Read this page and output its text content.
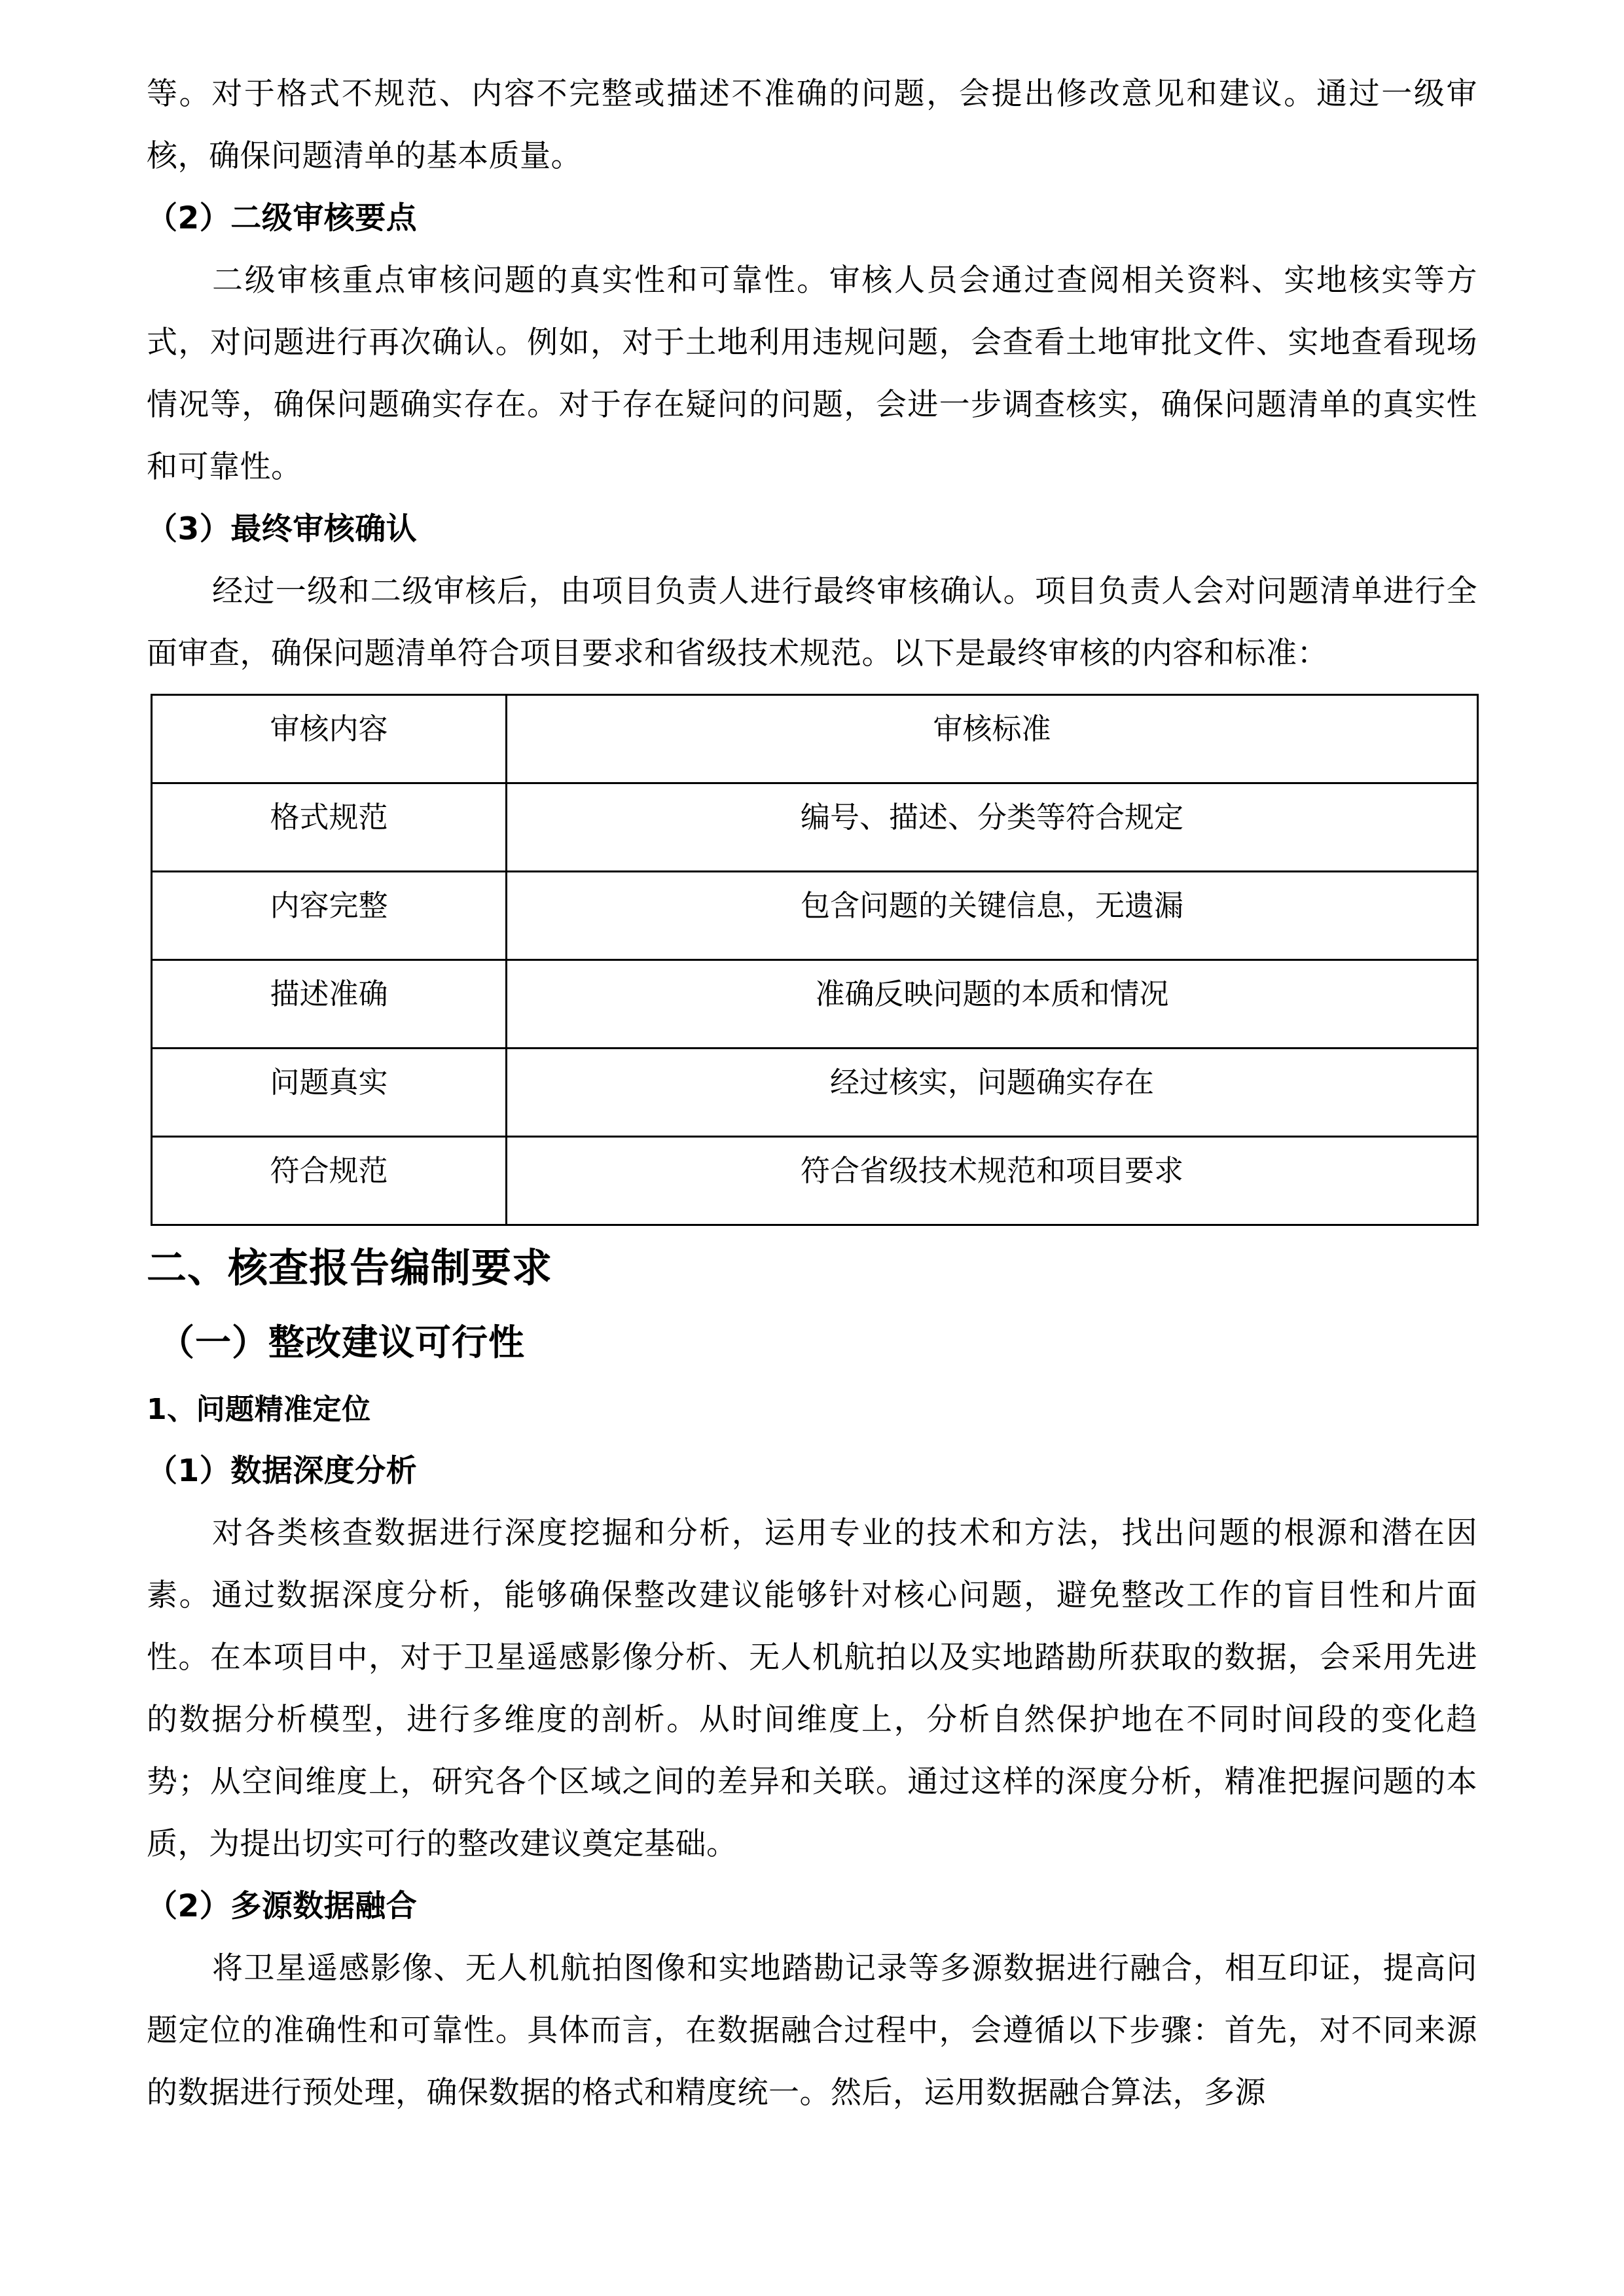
等。对于格式不规范、内容不完整或描述不准确的问题，会提出修改意见和建议。通过一级审核，确保问题清单的基本质量。

（2）二级审核要点

二级审核重点审核问题的真实性和可靠性。审核人员会通过查阅相关资料、实地核实等方式，对问题进行再次确认。例如，对于土地利用违规问题，会查看土地审批文件、实地查看现场情况等，确保问题确实存在。对于存在疑问的问题，会进一步调查核实，确保问题清单的真实性和可靠性。

（3）最终审核确认

经过一级和二级审核后，由项目负责人进行最终审核确认。项目负责人会对问题清单进行全面审查，确保问题清单符合项目要求和省级技术规范。以下是最终审核的内容和标准：

审核内容	审核标准
格式规范	编号、描述、分类等符合规定
内容完整	包含问题的关键信息，无遗漏
描述准确	准确反映问题的本质和情况
问题真实	经过核实，问题确实存在
符合规范	符合省级技术规范和项目要求
二、核查报告编制要求
（一）整改建议可行性
1、问题精准定位

（1）数据深度分析

对各类核查数据进行深度挖掘和分析，运用专业的技术和方法，找出问题的根源和潜在因素。通过数据深度分析，能够确保整改建议能够针对核心问题，避免整改工作的盲目性和片面性。在本项目中，对于卫星遥感影像分析、无人机航拍以及实地踏勘所获取的数据，会采用先进的数据分析模型，进行多维度的剖析。从时间维度上，分析自然保护地在不同时间段的变化趋势；从空间维度上，研究各个区域之间的差异和关联。通过这样的深度分析，精准把握问题的本质，为提出切实可行的整改建议奠定基础。

（2）多源数据融合

将卫星遥感影像、无人机航拍图像和实地踏勘记录等多源数据进行融合，相互印证，提高问题定位的准确性和可靠性。具体而言，在数据融合过程中，会遵循以下步骤：首先，对不同来源的数据进行预处理，确保数据的格式和精度统一。然后，运用数据融合算法，多源
